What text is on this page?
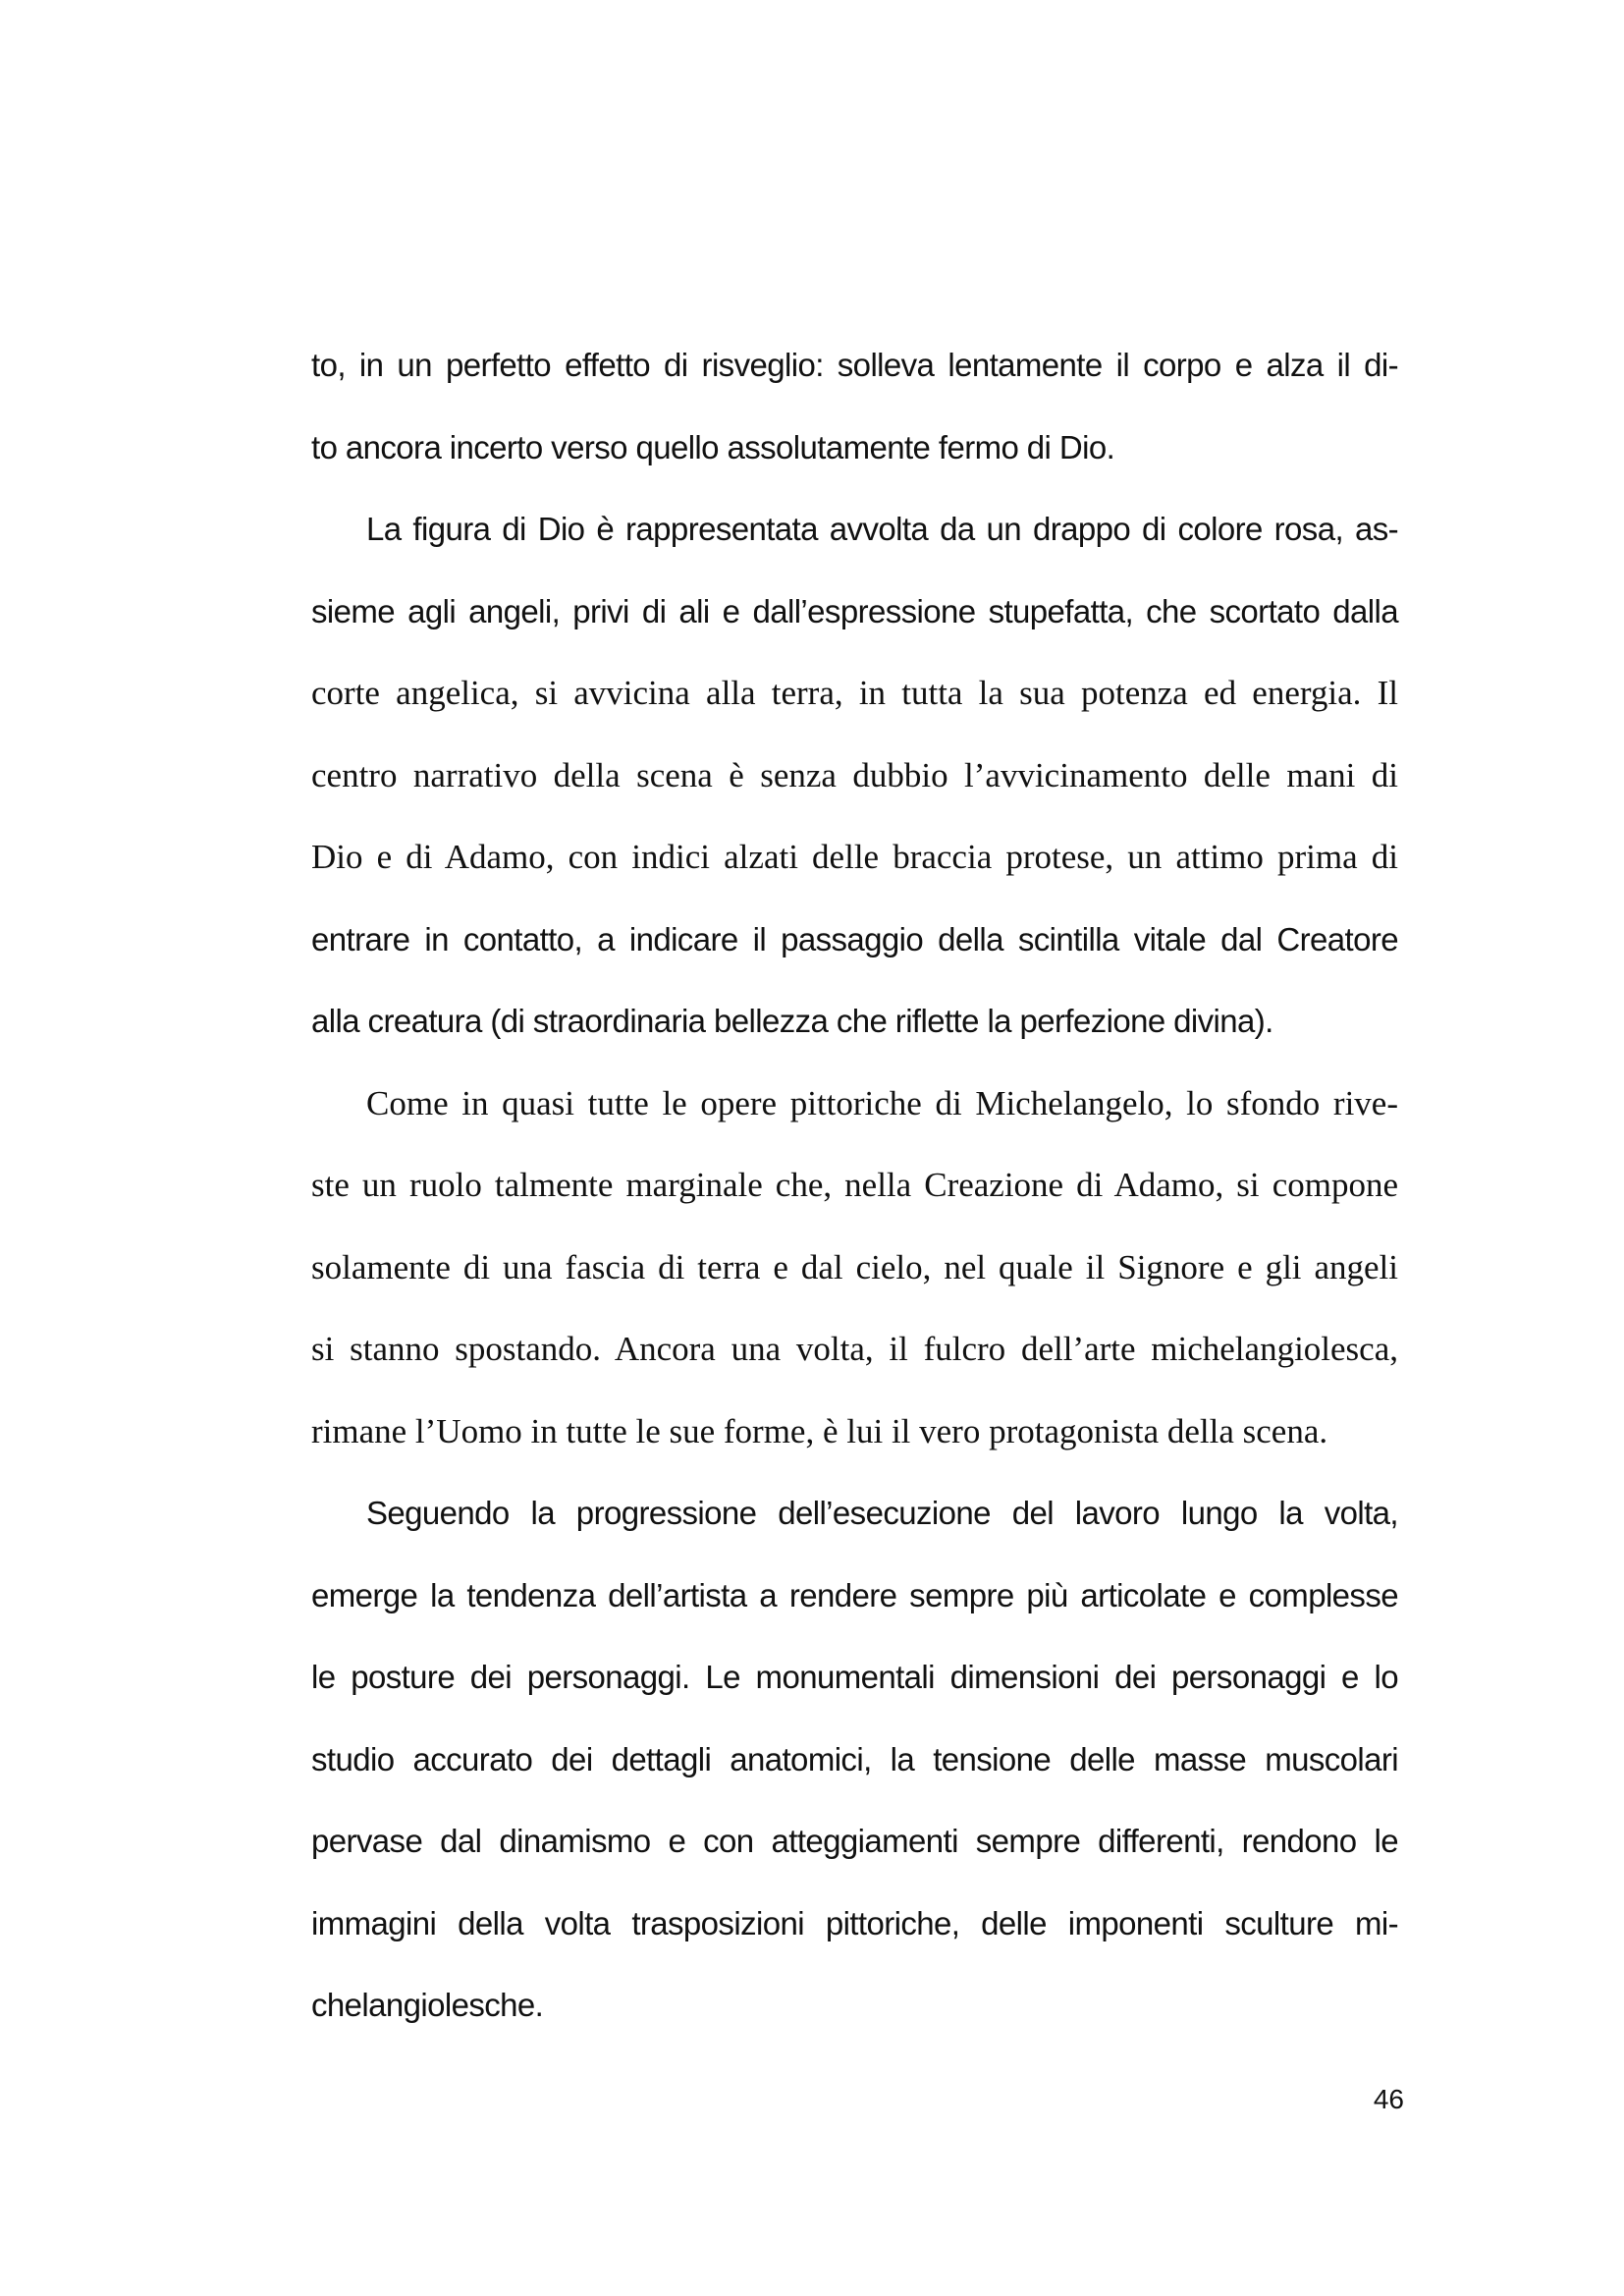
to, in un perfetto effetto di risveglio: solleva lentamente il corpo e alza il di-
to ancora incerto verso quello assolutamente fermo di Dio.

La figura di Dio è rappresentata avvolta da un drappo di colore rosa, as-
sieme agli angeli, privi di ali e dall’espressione stupefatta, che scortato dalla
corte angelica, si avvicina alla terra, in tutta la sua potenza ed energia. Il
centro narrativo della scena è senza dubbio l’avvicinamento delle mani di
Dio e di Adamo, con indici alzati delle braccia protese, un attimo prima di
entrare in contatto, a indicare il passaggio della scintilla vitale dal Creatore
alla creatura (di straordinaria bellezza che riflette la perfezione divina).

Come in quasi tutte le opere pittoriche di Michelangelo, lo sfondo rive-
ste un ruolo talmente marginale che, nella Creazione di Adamo, si compone
solamente di una fascia di terra e dal cielo, nel quale il Signore e gli angeli
si stanno spostando. Ancora una volta, il fulcro dell’arte michelangiolesca,
rimane l’Uomo in tutte le sue forme, è lui il vero protagonista della scena.

Seguendo la progressione dell’esecuzione del lavoro lungo la volta,
emerge la tendenza dell’artista a rendere sempre più articolate e complesse
le posture dei personaggi. Le monumentali dimensioni dei personaggi e lo
studio accurato dei dettagli anatomici, la tensione delle masse muscolari
pervase dal dinamismo e con atteggiamenti sempre differenti, rendono le
immagini della volta trasposizioni pittoriche, delle imponenti sculture mi-
chelangiolesche.

46
